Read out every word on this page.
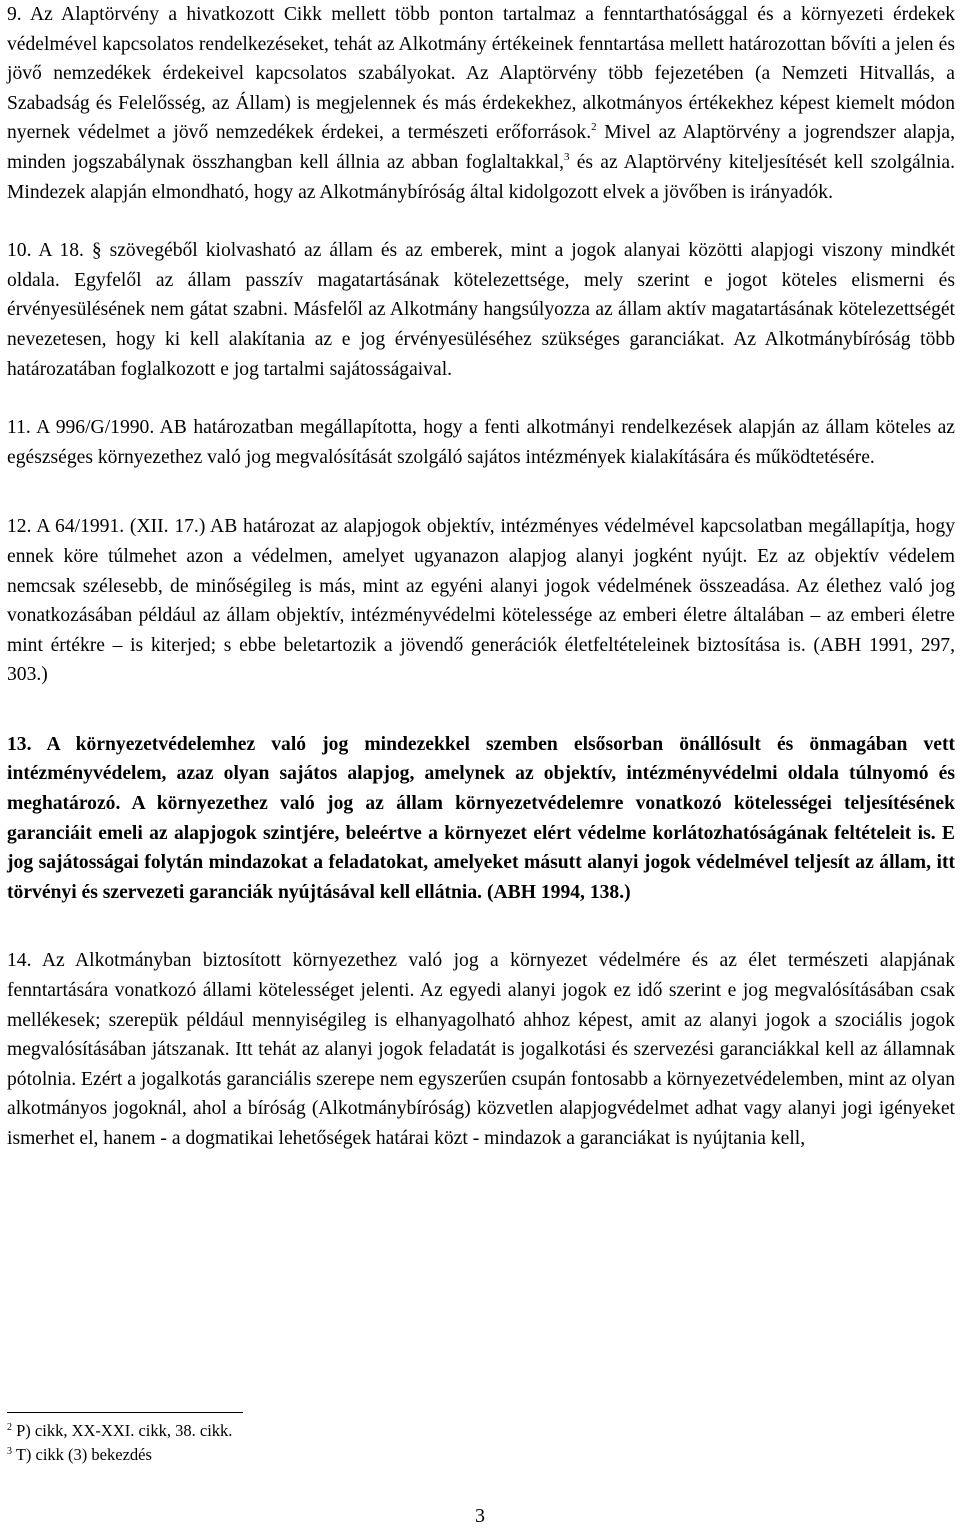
9. Az Alaptörvény a hivatkozott Cikk mellett több ponton tartalmaz a fenntarthatósággal és a környezeti érdekek védelmével kapcsolatos rendelkezéseket, tehát az Alkotmány értékeinek fenntartása mellett határozottan bővíti a jelen és jövő nemzedékek érdekeivel kapcsolatos szabályokat. Az Alaptörvény több fejezetében (a Nemzeti Hitvallás, a Szabadság és Felelősség, az Állam) is megjelennek és más érdekekhez, alkotmányos értékekhez képest kiemelt módon nyernek védelmet a jövő nemzedékek érdekei, a természeti erőforrások.$^2$ Mivel az Alaptörvény a jogrendszer alapja, minden jogszabálynak összhangban kell állnia az abban foglaltakkal,$^3$ és az Alaptörvény kiteljesítését kell szolgálnia. Mindezek alapján elmondható, hogy az Alkotmánybíróság által kidolgozott elvek a jövőben is irányadók.

10. A 18. § szövegéből kiolvasható az állam és az emberek, mint a jogok alanyai közötti alapjogi viszony mindkét oldala. Egyfelől az állam passzív magatartásának kötelezettsége, mely szerint e jogot köteles elismerni és érvényesülésének nem gátat szabni. Másfelől az Alkotmány hangsúlyozza az állam aktív magatartásának kötelezettségét nevezetesen, hogy ki kell alakítania az e jog érvényesüléséhez szükséges garanciákat. Az Alkotmánybíróság több határozatában foglalkozott e jog tartalmi sajátosságaival.

11. A 996/G/1990. AB határozatban megállapította, hogy a fenti alkotmányi rendelkezések alapján az állam köteles az egészséges környezethez való jog megvalósítását szolgáló sajátos intézmények kialakítására és működtetésére.

12. A 64/1991. (XII. 17.) AB határozat az alapjogok objektív, intézményes védelmével kapcsolatban megállapítja, hogy ennek köre túlmehet azon a védelmen, amelyet ugyanazon alapjog alanyi jogként nyújt. Ez az objektív védelem nemcsak szélesebb, de minőségileg is más, mint az egyéni alanyi jogok védelmének összeadása. Az élethez való jog vonatkozásában például az állam objektív, intézményvédelmi kötelessége az emberi életre általában – az emberi életre mint értékre – is kiterjed; s ebbe beletartozik a jövendő generációk életfeltételeinek biztosítása is. (ABH 1991, 297, 303.)

13. A környezetvédelemhez való jog mindezekkel szemben elsősorban önállósult és önmagában vett intézményvédelem, azaz olyan sajátos alapjog, amelynek az objektív, intézményvédelmi oldala túlnyomó és meghatározó. A környezethez való jog az állam környezetvédelemre vonatkozó kötelességei teljesítésének garanciáit emeli az alapjogok szintjére, beleértve a környezet elért védelme korlátozhatóságának feltételeit is. E jog sajátosságai folytán mindazokat a feladatokat, amelyeket másutt alanyi jogok védelmével teljesít az állam, itt törvényi és szervezeti garanciák nyújtásával kell ellátnia. (ABH 1994, 138.)

14. Az Alkotmányban biztosított környezethez való jog a környezet védelmére és az élet természeti alapjának fenntartására vonatkozó állami kötelességet jelenti. Az egyedi alanyi jogok ez idő szerint e jog megvalósításában csak mellékesek; szerepük például mennyiségileg is elhanyagolható ahhoz képest, amit az alanyi jogok a szociális jogok megvalósításában játszanak. Itt tehát az alanyi jogok feladatát is jogalkotási és szervezési garanciákkal kell az államnak pótolnia. Ezért a jogalkotás garanciális szerepe nem egyszerűen csupán fontosabb a környezetvédelemben, mint az olyan alkotmányos jogoknál, ahol a bíróság (Alkotmánybíróság) közvetlen alapjogvédelmet adhat vagy alanyi jogi igényeket ismerhet el, hanem - a dogmatikai lehetőségek határai közt - mindazok a garanciákat is nyújtania kell,

$^2$ P) cikk, XX-XXI. cikk, 38. cikk.

$^3$ T) cikk (3) bekezdés

3
